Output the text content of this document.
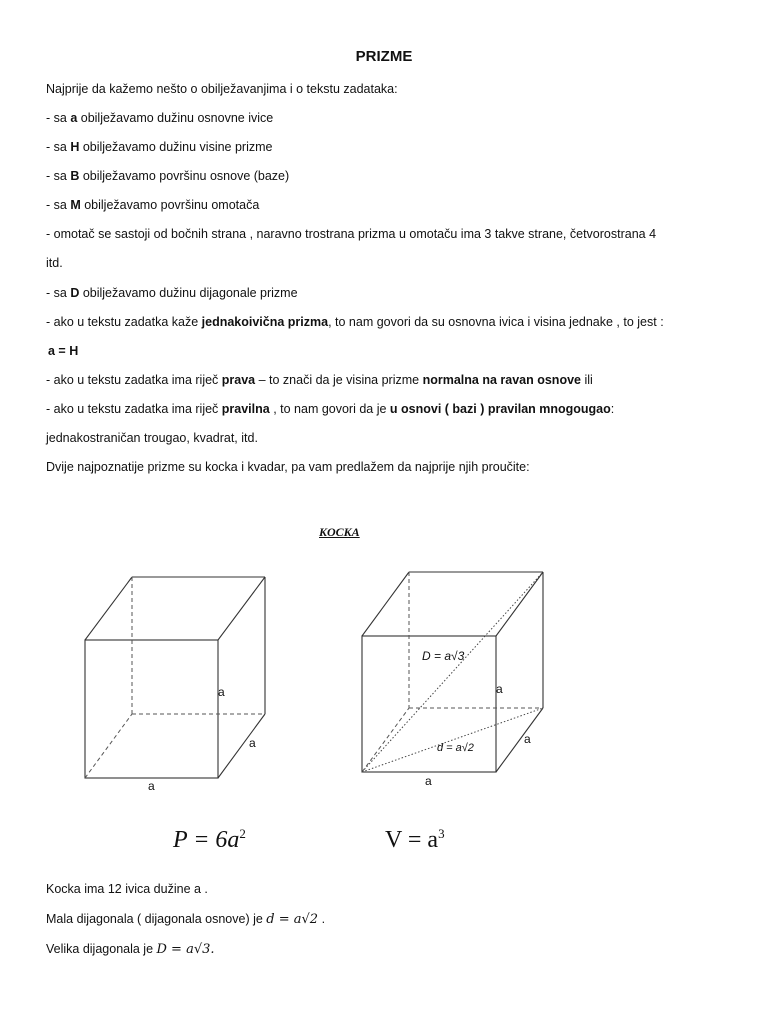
PRIZME
Najprije da kažemo nešto o obilježavanjima i o tekstu zadataka:
- sa a obilježavamo dužinu osnovne ivice
- sa H obilježavamo dužinu visine prizme
- sa B obilježavamo površinu osnove (baze)
- sa M obilježavamo površinu omotača
- omotač se sastoji od bočnih strana , naravno trostrana prizma u omotaču ima 3 takve strane, četvorostrana 4
itd.
- sa D obilježavamo dužinu dijagonale prizme
- ako u tekstu zadatka kaže jednakoivična prizma, to nam govori da su osnovna ivica i visina jednake , to jest :
a = H
- ako u tekstu zadatka ima riječ prava – to znači da je visina prizme normalna na ravan osnove ili
- ako u tekstu zadatka ima riječ pravilna , to nam govori da je u osnovi ( bazi ) pravilan mnogougao:
jednakostraničan trougao, kvadrat, itd.
Dvije najpoznatije prizme su kocka i kvadar, pa vam predlažem da najprije njih proučite:
KOCKA
a
a
a
D = a√3
d = a√2
a
a
a
$P = 6a^2$	$V = a^3$
Kocka ima 12 ivica dužine a .
Mala dijagonala ( dijagonala osnove) je d = a√2 .
Velika dijagonala je D = a√3.
